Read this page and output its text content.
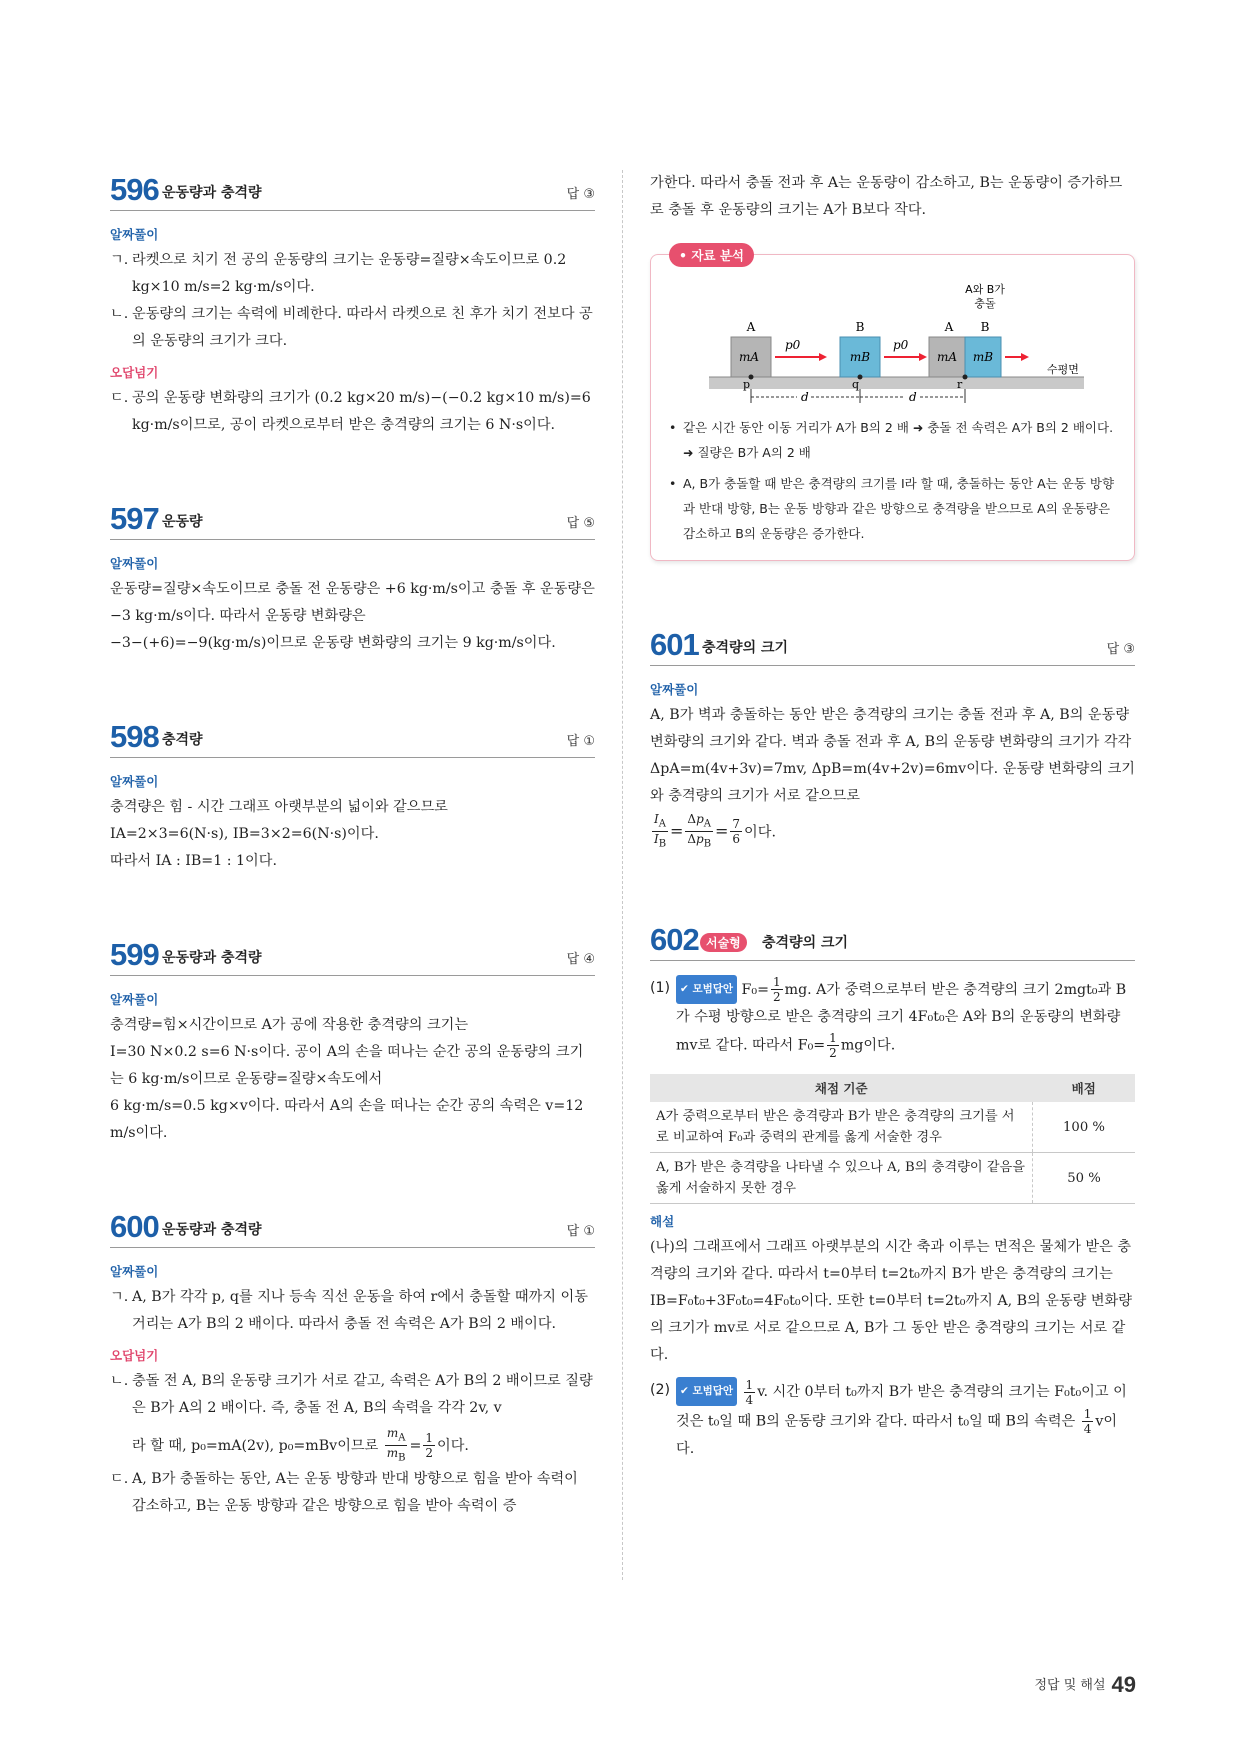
596 운동량과 충격량	답 ③
알짜풀이
ㄱ. 라켓으로 치기 전 공의 운동량의 크기는 운동량=질량×속도이므로 0.2 kg×10 m/s=2 kg·m/s이다.
ㄴ. 운동량의 크기는 속력에 비례한다. 따라서 라켓으로 친 후가 치기 전보다 공의 운동량의 크기가 크다.
오답넘기
ㄷ. 공의 운동량 변화량의 크기가 (0.2 kg×20 m/s)−(−0.2 kg×10 m/s)=6 kg·m/s이므로, 공이 라켓으로부터 받은 충격량의 크기는 6 N·s이다.
597 운동량	답 ⑤
알짜풀이

운동량=질량×속도이므로 충돌 전 운동량은 +6 kg·m/s이고 충돌 후 운동량은 −3 kg·m/s이다. 따라서 운동량 변화량은

−3−(+6)=−9(kg·m/s)이므로 운동량 변화량의 크기는 9 kg·m/s이다.

598 충격량	답 ①
알짜풀이

충격량은 힘 - 시간 그래프 아랫부분의 넓이와 같으므로

IA=2×3=6(N·s), IB=3×2=6(N·s)이다.

따라서 IA : IB=1 : 1이다.

599 운동량과 충격량	답 ④
알짜풀이

충격량=힘×시간이므로 A가 공에 작용한 충격량의 크기는

I=30 N×0.2 s=6 N·s이다. 공이 A의 손을 떠나는 순간 공의 운동량의 크기는 6 kg·m/s이므로 운동량=질량×속도에서

6 kg·m/s=0.5 kg×v이다. 따라서 A의 손을 떠나는 순간 공의 속력은 v=12 m/s이다.

600 운동량과 충격량	답 ①
알짜풀이
ㄱ. A, B가 각각 p, q를 지나 등속 직선 운동을 하여 r에서 충돌할 때까지 이동 거리는 A가 B의 2 배이다. 따라서 충돌 전 속력은 A가 B의 2 배이다.
오답넘기
ㄴ. 충돌 전 A, B의 운동량 크기가 서로 같고, 속력은 A가 B의 2 배이므로 질량은 B가 A의 2 배이다. 즉, 충돌 전 A, B의 속력을 각각 2v, v
라 할 때, p₀=mA(2v), p₀=mBv이므로 $\frac{m_A}{m_B} = \frac{1}{2}$ 이다.
ㄷ. A, B가 충돌하는 동안, A는 운동 방향과 반대 방향으로 힘을 받아 속력이 감소하고, B는 운동 방향과 같은 방향으로 힘을 받아 속력이 증

가한다. 따라서 충돌 전과 후 A는 운동량이 감소하고, B는 운동량이 증가하므로 충돌 후 운동량의 크기는 A가 B보다 작다.

• 자료 분석
A와 B가
충돌
수평면
A	B	A B
mA	mB	mA mB
p0	p0
p	q	r
d	d
• 같은 시간 동안 이동 거리가 A가 B의 2 배 ➜ 충돌 전 속력은 A가 B의 2 배이다. ➜ 질량은 B가 A의 2 배
• A, B가 충돌할 때 받은 충격량의 크기를 I라 할 때, 충돌하는 동안 A는 운동 방향과 반대 방향, B는 운동 방향과 같은 방향으로 충격량을 받으므로 A의 운동량은 감소하고 B의 운동량은 증가한다.
601 충격량의 크기	답 ③
알짜풀이

A, B가 벽과 충돌하는 동안 받은 충격량의 크기는 충돌 전과 후 A, B의 운동량 변화량의 크기와 같다. 벽과 충돌 전과 후 A, B의 운동량 변화량의 크기가 각각 ΔpA=m(4v+3v)=7mv, ΔpB=m(4v+2v)=6mv이다. 운동량 변화량의 크기와 충격량의 크기가 서로 같으므로

$\frac{I_A}{I_B} = \frac{\Delta p_A}{\Delta p_B} = \frac{7}{6}$ 이다.
602 서술형	충격량의 크기
(1) ✔ 모범답안 $F_0= \frac{1}{2}$ mg. A가 중력으로부터 받은 충격량의 크기 2mgt₀과 B가 수평 방향으로 받은 충격량의 크기 4F₀t₀은 A와 B의 운동량의 변화량 mv로 같다. 따라서 $F_0= \frac{1}{2}$ mg이다.
채점 기준	배점
A가 중력으로부터 받은 충격량과 B가 받은 충격량의 크기를 서로 비교하여 F₀과 중력의 관계를 옳게 서술한 경우	100 %
A, B가 받은 충격량을 나타낼 수 있으나 A, B의 충격량이 같음을 옳게 서술하지 못한 경우	50 %
해설

(나)의 그래프에서 그래프 아랫부분의 시간 축과 이루는 면적은 물체가 받은 충격량의 크기와 같다. 따라서 t=0부터 t=2t₀까지 B가 받은 충격량의 크기는 IB=F₀t₀+3F₀t₀=4F₀t₀이다. 또한 t=0부터 t=2t₀까지 A, B의 운동량 변화량의 크기가 mv로 서로 같으므로 A, B가 그 동안 받은 충격량의 크기는 서로 같다.

(2) ✔ 모범답안 $\frac{1}{4} v$. 시간 0부터 t₀까지 B가 받은 충격량의 크기는 F₀t₀이고 이것은 t₀일 때 B의 운동량 크기와 같다. 따라서 t₀일 때 B의 속력은 $\frac{1}{4}$ v이다.
정답 및 해설 49
